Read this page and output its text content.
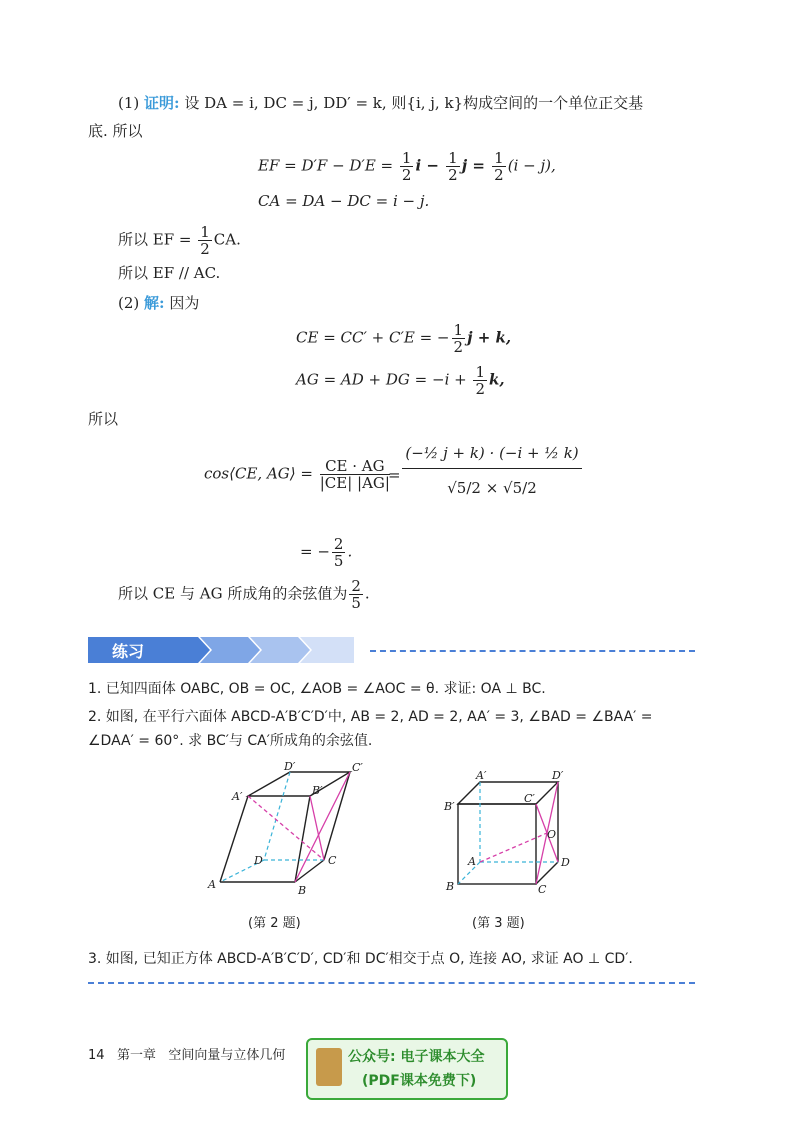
(1) 证明: 设 DA = i, DC = j, DD′ = k, 则{i, j, k}构成空间的一个单位正交基
底. 所以
EF = $D'F - D'E = \frac{1}{2}$ $i - \frac{1}{2}$ $j = \frac{1}{2} (i - j)$,
CA = DA − DC = i − j.
所以 EF = $\frac{1}{2}$ CA.
所以 EF // AC.
(2) 解: 因为
CE = CC′ + C′E = − $\frac{1}{2}$ j + k,
AG = AD + DG = $-i + \frac{1}{2} k$,
所以
cos⟨CE, AG⟩ = $\frac{CE \cdot AG}{|CE| |AG|} \frac{\text{(−½ j + k) · (−i + ½ k)}}{√5/2 \times √5/2}$
=
= − $\frac{2}{5}$ .
所以 CE 与 AG 所成角的余弦值为 $\frac{2}{5}$ .
练习
1. 已知四面体 OABC, OB = OC, ∠AOB = ∠AOC = θ. 求证: OA ⊥ BC.
2. 如图, 在平行六面体 ABCD-A′B′C′D′中, AB = 2, AD = 2, AA′ = 3, ∠BAD = ∠BAA′ =
∠DAA′ = 60°. 求 BC′与 CA′所成角的余弦值.
D′	C′
A′	B′
D	C
A	B
(第 2 题)
A′	D′
B′
C′
O
A	D
B	C
(第 3 题)
3. 如图, 已知正方体 ABCD-A′B′C′D′, CD′和 DC′相交于点 O, 连接 AO, 求证 AO ⊥ CD′.
14 第一章 空间向量与立体几何	公众号: 电子课本大全
(PDF课本免费下)
